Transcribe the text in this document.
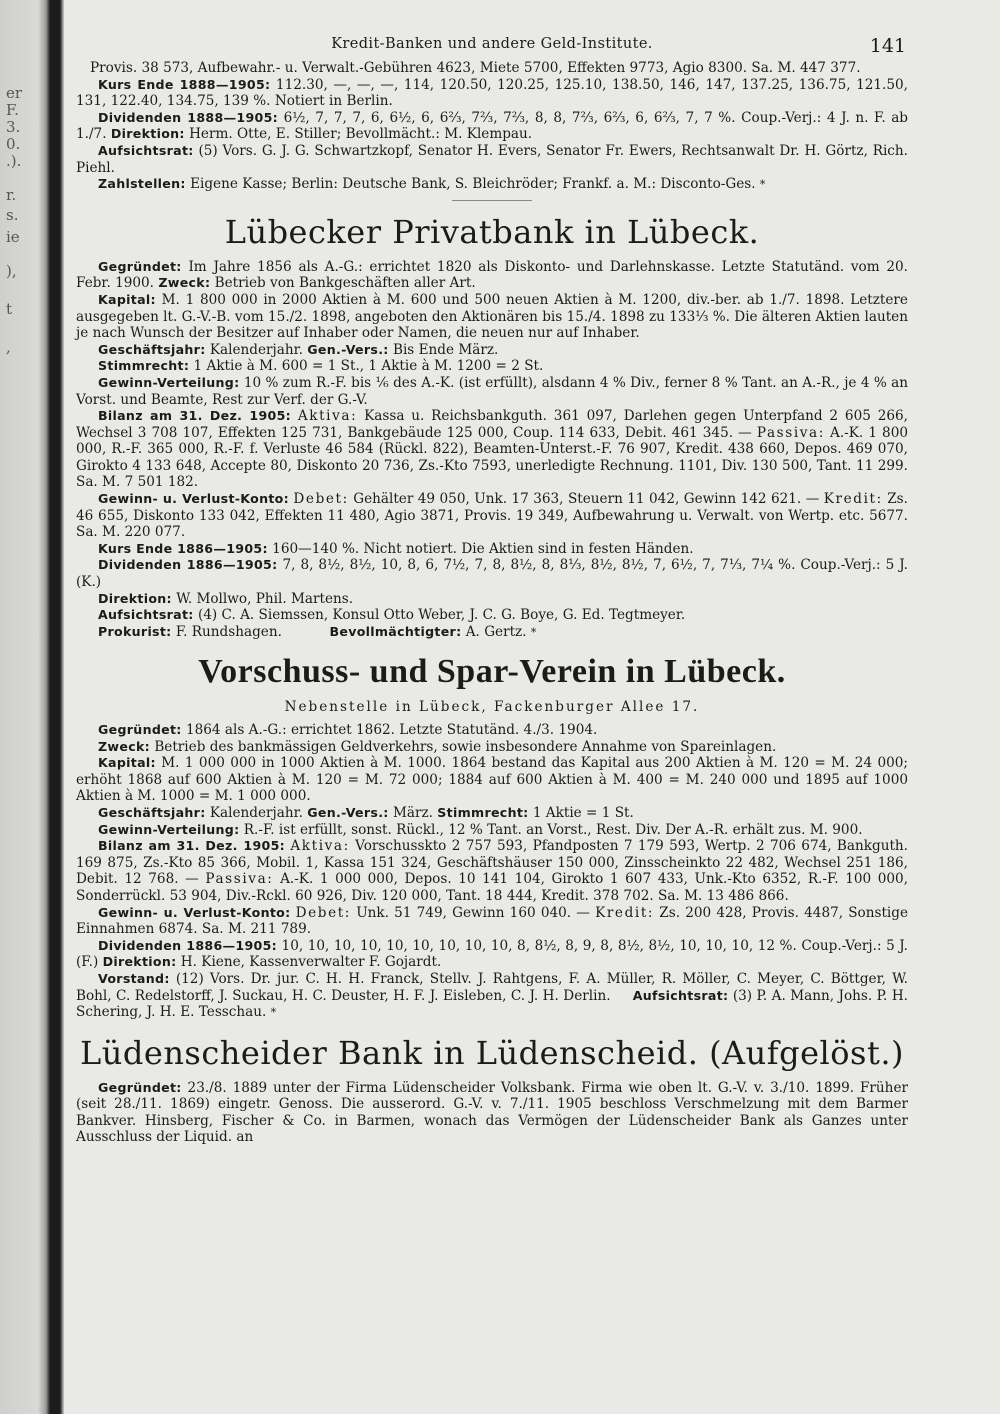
er
F.
3.
0.
.).
r.
s.
ie
),
t
,
Kredit-Banken und andere Geld-Institute.	141

Provis. 38 573, Aufbewahr.- u. Verwalt.-Gebühren 4623, Miete 5700, Effekten 9773, Agio 8300. Sa. M. 447 377.

Kurs Ende 1888—1905: 112.30, —, —, —, 114, 120.50, 120.25, 125.10, 138.50, 146, 147, 137.25, 136.75, 121.50, 131, 122.40, 134.75, 139 %. Notiert in Berlin.

Dividenden 1888—1905: 6½, 7, 7, 7, 6, 6½, 6, 6⅔, 7⅔, 7⅔, 8, 8, 7⅔, 6⅔, 6, 6⅔, 7, 7 %. Coup.-Verj.: 4 J. n. F. ab 1./7. Direktion: Herm. Otte, E. Stiller; Bevollmächt.: M. Klempau.

Aufsichtsrat: (5) Vors. G. J. G. Schwartzkopf, Senator H. Evers, Senator Fr. Ewers, Rechtsanwalt Dr. H. Görtz, Rich. Piehl.

Zahlstellen: Eigene Kasse; Berlin: Deutsche Bank, S. Bleichröder; Frankf. a. M.: Disconto-Ges. *

Lübecker Privatbank in Lübeck.

Gegründet: Im Jahre 1856 als A.-G.: errichtet 1820 als Diskonto- und Darlehnskasse. Letzte Statutänd. vom 20. Febr. 1900. Zweck: Betrieb von Bankgeschäften aller Art.

Kapital: M. 1 800 000 in 2000 Aktien à M. 600 und 500 neuen Aktien à M. 1200, div.-ber. ab 1./7. 1898. Letztere ausgegeben lt. G.-V.-B. vom 15./2. 1898, angeboten den Aktionären bis 15./4. 1898 zu 133⅓ %. Die älteren Aktien lauten je nach Wunsch der Besitzer auf Inhaber oder Namen, die neuen nur auf Inhaber.

Geschäftsjahr: Kalenderjahr. Gen.-Vers.: Bis Ende März.

Stimmrecht: 1 Aktie à M. 600 = 1 St., 1 Aktie à M. 1200 = 2 St.

Gewinn-Verteilung: 10 % zum R.-F. bis ⅙ des A.-K. (ist erfüllt), alsdann 4 % Div., ferner 8 % Tant. an A.-R., je 4 % an Vorst. und Beamte, Rest zur Verf. der G.-V.

Bilanz am 31. Dez. 1905: Aktiva: Kassa u. Reichsbankguth. 361 097, Darlehen gegen Unterpfand 2 605 266, Wechsel 3 708 107, Effekten 125 731, Bankgebäude 125 000, Coup. 114 633, Debit. 461 345. — Passiva: A.-K. 1 800 000, R.-F. 365 000, R.-F. f. Verluste 46 584 (Rückl. 822), Beamten-Unterst.-F. 76 907, Kredit. 438 660, Depos. 469 070, Girokto 4 133 648, Accepte 80, Diskonto 20 736, Zs.-Kto 7593, unerledigte Rechnung. 1101, Div. 130 500, Tant. 11 299. Sa. M. 7 501 182.

Gewinn- u. Verlust-Konto: Debet: Gehälter 49 050, Unk. 17 363, Steuern 11 042, Gewinn 142 621. — Kredit: Zs. 46 655, Diskonto 133 042, Effekten 11 480, Agio 3871, Provis. 19 349, Aufbewahrung u. Verwalt. von Wertp. etc. 5677. Sa. M. 220 077.

Kurs Ende 1886—1905: 160—140 %. Nicht notiert. Die Aktien sind in festen Händen.

Dividenden 1886—1905: 7, 8, 8½, 8½, 10, 8, 6, 7½, 7, 8, 8½, 8, 8⅓, 8½, 8½, 7, 6½, 7, 7⅓, 7¼ %. Coup.-Verj.: 5 J. (K.)

Direktion: W. Mollwo, Phil. Martens.

Aufsichtsrat: (4) C. A. Siemssen, Konsul Otto Weber, J. C. G. Boye, G. Ed. Tegtmeyer.

Prokurist: F. Rundshagen.	Bevollmächtigter: A. Gertz. *

Vorschuss- und Spar-Verein in Lübeck.
Nebenstelle in Lübeck, Fackenburger Allee 17.

Gegründet: 1864 als A.-G.: errichtet 1862. Letzte Statutänd. 4./3. 1904.

Zweck: Betrieb des bankmässigen Geldverkehrs, sowie insbesondere Annahme von Spareinlagen.

Kapital: M. 1 000 000 in 1000 Aktien à M. 1000. 1864 bestand das Kapital aus 200 Aktien à M. 120 = M. 24 000; erhöht 1868 auf 600 Aktien à M. 120 = M. 72 000; 1884 auf 600 Aktien à M. 400 = M. 240 000 und 1895 auf 1000 Aktien à M. 1000 = M. 1 000 000.

Geschäftsjahr: Kalenderjahr. Gen.-Vers.: März. Stimmrecht: 1 Aktie = 1 St.

Gewinn-Verteilung: R.-F. ist erfüllt, sonst. Rückl., 12 % Tant. an Vorst., Rest. Div. Der A.-R. erhält zus. M. 900.

Bilanz am 31. Dez. 1905: Aktiva: Vorschusskto 2 757 593, Pfandposten 7 179 593, Wertp. 2 706 674, Bankguth. 169 875, Zs.-Kto 85 366, Mobil. 1, Kassa 151 324, Geschäftshäuser 150 000, Zinsscheinkto 22 482, Wechsel 251 186, Debit. 12 768. — Passiva: A.-K. 1 000 000, Depos. 10 141 104, Girokto 1 607 433, Unk.-Kto 6352, R.-F. 100 000, Sonderrückl. 53 904, Div.-Rckl. 60 926, Div. 120 000, Tant. 18 444, Kredit. 378 702. Sa. M. 13 486 866.

Gewinn- u. Verlust-Konto: Debet: Unk. 51 749, Gewinn 160 040. — Kredit: Zs. 200 428, Provis. 4487, Sonstige Einnahmen 6874. Sa. M. 211 789.

Dividenden 1886—1905: 10, 10, 10, 10, 10, 10, 10, 10, 10, 8, 8½, 8, 9, 8, 8½, 8½, 10, 10, 10, 12 %. Coup.-Verj.: 5 J. (F.) Direktion: H. Kiene, Kassenverwalter F. Gojardt.

Vorstand: (12) Vors. Dr. jur. C. H. H. Franck, Stellv. J. Rahtgens, F. A. Müller, R. Möller, C. Meyer, C. Böttger, W. Bohl, C. Redelstorff, J. Suckau, H. C. Deuster, H. F. J. Eisleben, C. J. H. Derlin. Aufsichtsrat: (3) P. A. Mann, Johs. P. H. Schering, J. H. E. Tesschau. *

Lüdenscheider Bank in Lüdenscheid. (Aufgelöst.)

Gegründet: 23./8. 1889 unter der Firma Lüdenscheider Volksbank. Firma wie oben lt. G.-V. v. 3./10. 1899. Früher (seit 28./11. 1869) eingetr. Genoss. Die ausserord. G.-V. v. 7./11. 1905 beschloss Verschmelzung mit dem Barmer Bankver. Hinsberg, Fischer & Co. in Barmen, wonach das Vermögen der Lüdenscheider Bank als Ganzes unter Ausschluss der Liquid. an
